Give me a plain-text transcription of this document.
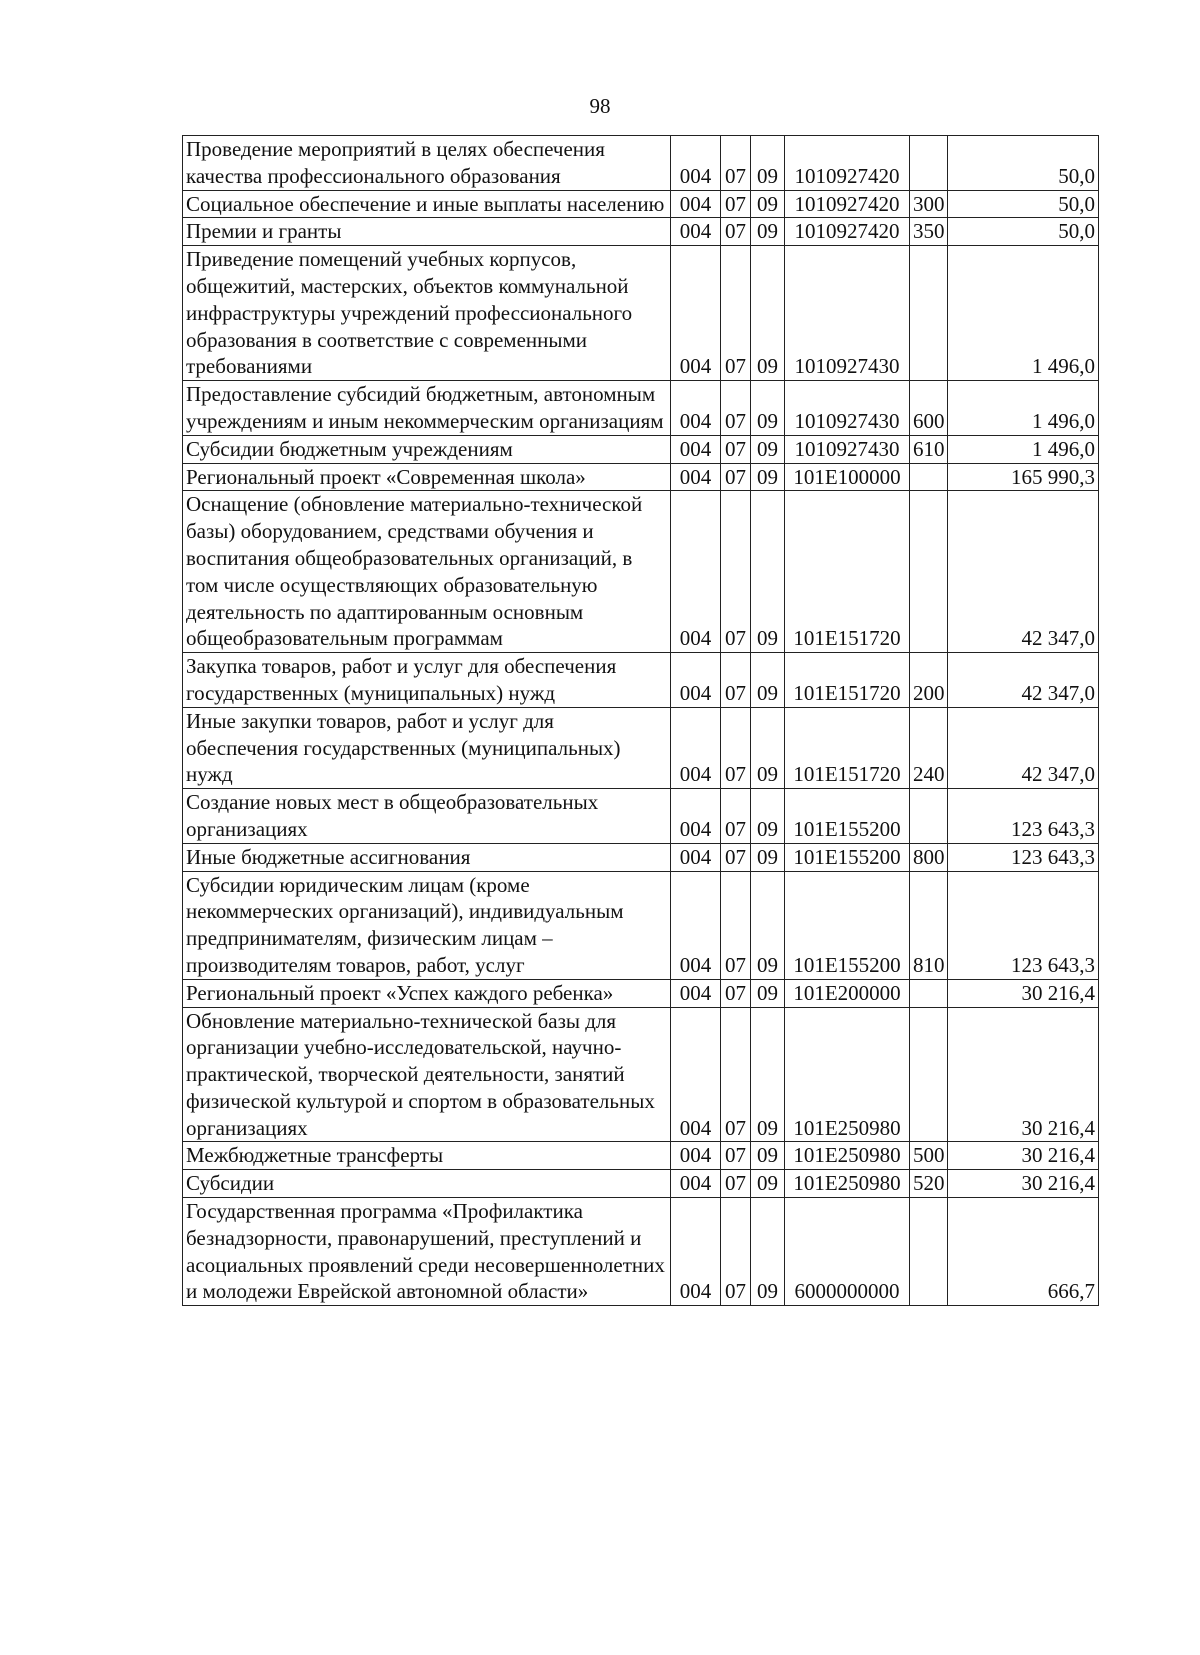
98
Проведение мероприятий в целях обеспечения качества профессионального образования	004	07	09	1010927420		50,0
Социальное обеспечение и иные выплаты населению	004	07	09	1010927420	300	50,0
Премии и гранты	004	07	09	1010927420	350	50,0
Приведение помещений учебных корпусов, общежитий, мастерских, объектов коммунальной инфраструктуры учреждений профессионального образования в соответствие с современными требованиями	004	07	09	1010927430		1 496,0
Предоставление субсидий бюджетным, автономным учреждениям и иным некоммерческим организациям	004	07	09	1010927430	600	1 496,0
Субсидии бюджетным учреждениям	004	07	09	1010927430	610	1 496,0
Региональный проект «Современная школа»	004	07	09	101E100000		165 990,3
Оснащение (обновление материально-технической базы) оборудованием, средствами обучения и воспитания общеобразовательных организаций, в том числе осуществляющих образовательную деятельность по адаптированным основным общеобразовательным программам	004	07	09	101E151720		42 347,0
Закупка товаров, работ и услуг для обеспечения государственных (муниципальных) нужд	004	07	09	101E151720	200	42 347,0
Иные закупки товаров, работ и услуг для обеспечения государственных (муниципальных) нужд	004	07	09	101E151720	240	42 347,0
Создание новых мест в общеобразовательных организациях	004	07	09	101E155200		123 643,3
Иные бюджетные ассигнования	004	07	09	101E155200	800	123 643,3
Субсидии юридическим лицам (кроме некоммерческих организаций), индивидуальным предпринимателям, физическим лицам – производителям товаров, работ, услуг	004	07	09	101E155200	810	123 643,3
Региональный проект «Успех каждого ребенка»	004	07	09	101E200000		30 216,4
Обновление материально-технической базы для организации учебно-исследовательской, научно-практической, творческой деятельности, занятий физической культурой и спортом в образовательных организациях	004	07	09	101E250980		30 216,4
Межбюджетные трансферты	004	07	09	101E250980	500	30 216,4
Субсидии	004	07	09	101E250980	520	30 216,4
Государственная программа «Профилактика безнадзорности, правонарушений, преступлений и асоциальных проявлений среди несовершеннолетних и молодежи Еврейской автономной области»	004	07	09	6000000000		666,7
